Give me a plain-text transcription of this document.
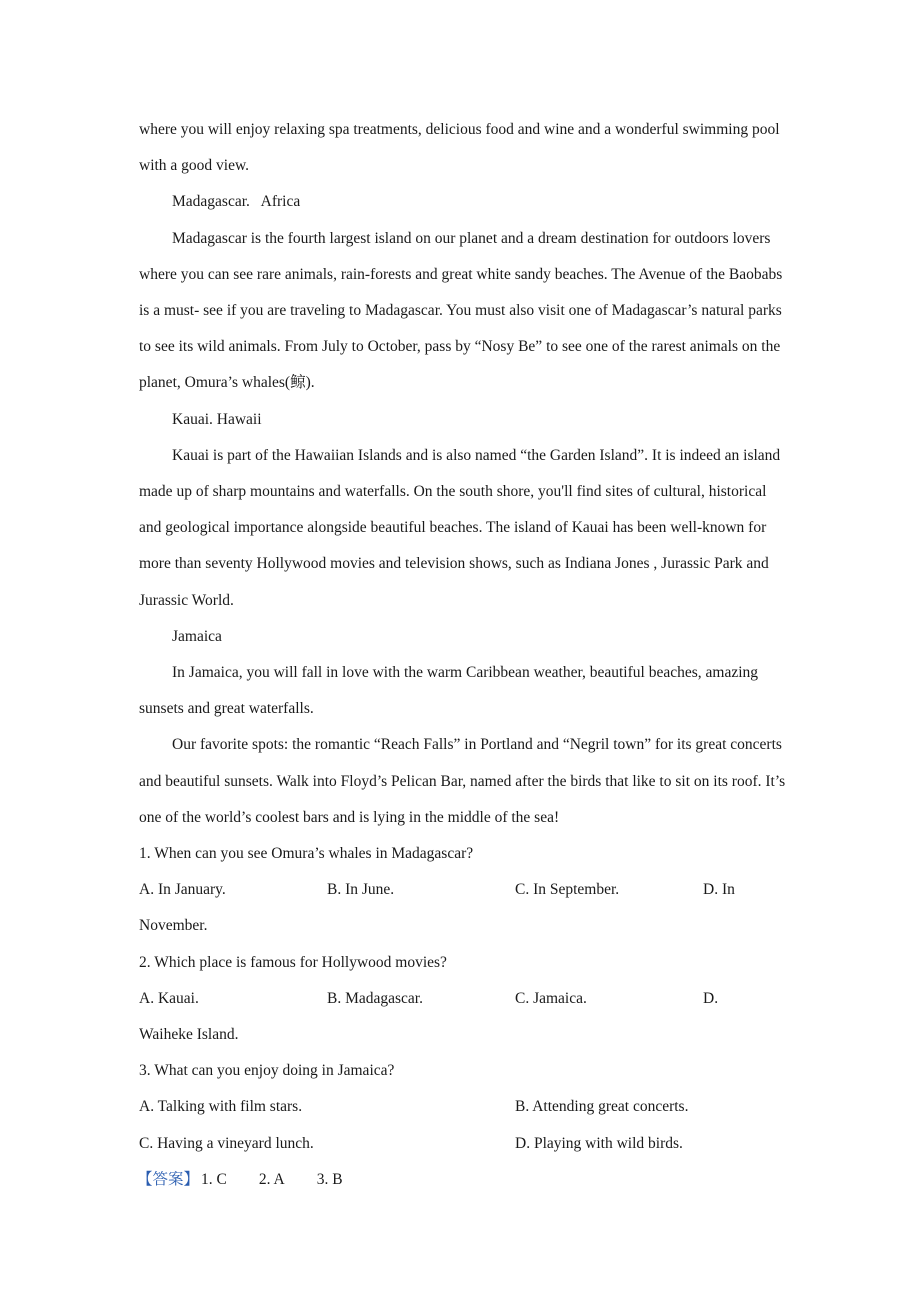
where you will enjoy relaxing spa treatments, delicious food and wine and a wonderful swimming pool with a good view.

Madagascar.   Africa

Madagascar is the fourth largest island on our planet and a dream destination for outdoors lovers where you can see rare animals, rain-forests and great white sandy beaches. The Avenue of the Baobabs is a must- see if you are traveling to Madagascar. You must also visit one of Madagascar’s natural parks to see its wild animals. From July to October, pass by “Nosy Be” to see one of the rarest animals on the planet, Omura’s whales(鲸).

Kauai. Hawaii

Kauai is part of the Hawaiian Islands and is also named “the Garden Island”. It is indeed an island made up of sharp mountains and waterfalls. On the south shore, you'll find sites of cultural, historical and geological importance alongside beautiful beaches. The island of Kauai has been well-known for more than seventy Hollywood movies and television shows, such as Indiana Jones , Jurassic Park and Jurassic World.

Jamaica

In Jamaica, you will fall in love with the warm Caribbean weather, beautiful beaches, amazing sunsets and great waterfalls.

Our favorite spots: the romantic “Reach Falls” in Portland and “Negril town” for its great concerts and beautiful sunsets. Walk into Floyd’s Pelican Bar, named after the birds that like to sit on its roof. It’s one of the world’s coolest bars and is lying in the middle of the sea!

1. When can you see Omura’s whales in Madagascar?

A. In January.	B. In June.	C. In September.	D. In

November.

2. Which place is famous for Hollywood movies?

A. Kauai.	B. Madagascar.	C. Jamaica.	D.

Waiheke Island.

3. What can you enjoy doing in Jamaica?

A. Talking with film stars.	B. Attending great concerts.
C. Having a vineyard lunch.	D. Playing with wild birds.
【答案】 1. C 2. A 3. B
